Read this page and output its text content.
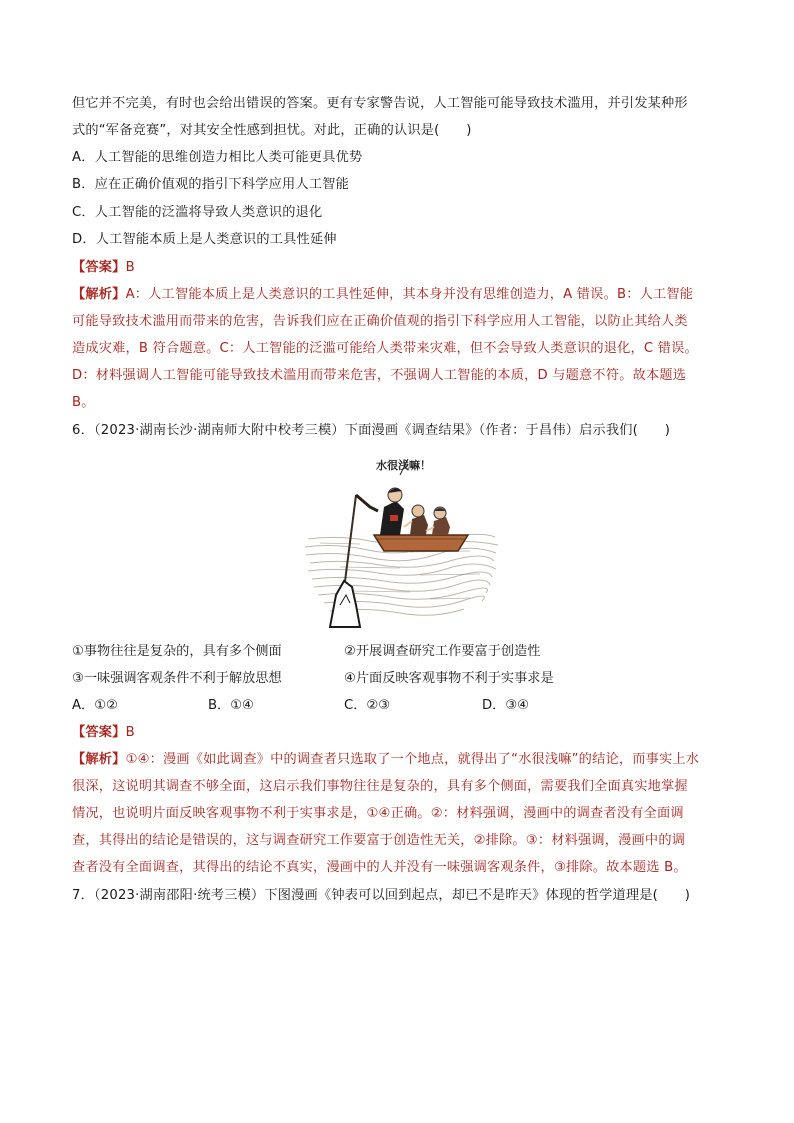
但它并不完美，有时也会给出错误的答案。更有专家警告说，人工智能可能导致技术滥用，并引发某种形
式的“军备竞赛”，对其安全性感到担忧。对此，正确的认识是(　　)
A．人工智能的思维创造力相比人类可能更具优势
B．应在正确价值观的指引下科学应用人工智能
C．人工智能的泛滥将导致人类意识的退化
D．人工智能本质上是人类意识的工具性延伸
【答案】B
【解析】A：人工智能本质上是人类意识的工具性延伸，其本身并没有思维创造力，A 错误。B：人工智能
可能导致技术滥用而带来的危害，告诉我们应在正确价值观的指引下科学应用人工智能，以防止其给人类
造成灾难，B 符合题意。C：人工智能的泛滥可能给人类带来灾难，但不会导致人类意识的退化，C 错误。
D：材料强调人工智能可能导致技术滥用而带来危害，不强调人工智能的本质，D 与题意不符。故本题选
B。
6．（2023·湖南长沙·湖南师大附中校考三模）下面漫画《调查结果》（作者：于昌伟）启示我们(　　)
水很浅嘛！
①事物往往是复杂的，具有多个侧面	②开展调查研究工作要富于创造性
③一味强调客观条件不利于解放思想	④片面反映客观事物不利于实事求是
A．①②	B．①④	C．②③	D．③④
【答案】B
【解析】①④：漫画《如此调查》中的调查者只选取了一个地点，就得出了“水很浅嘛”的结论，而事实上水
很深，这说明其调查不够全面，这启示我们事物往往是复杂的，具有多个侧面，需要我们全面真实地掌握
情况，也说明片面反映客观事物不利于实事求是，①④正确。②：材料强调，漫画中的调查者没有全面调
查，其得出的结论是错误的，这与调查研究工作要富于创造性无关，②排除。③：材料强调，漫画中的调
查者没有全面调查，其得出的结论不真实，漫画中的人并没有一味强调客观条件，③排除。故本题选 B。
7．（2023·湖南邵阳·统考三模）下图漫画《钟表可以回到起点，却已不是昨天》体现的哲学道理是(　　)
